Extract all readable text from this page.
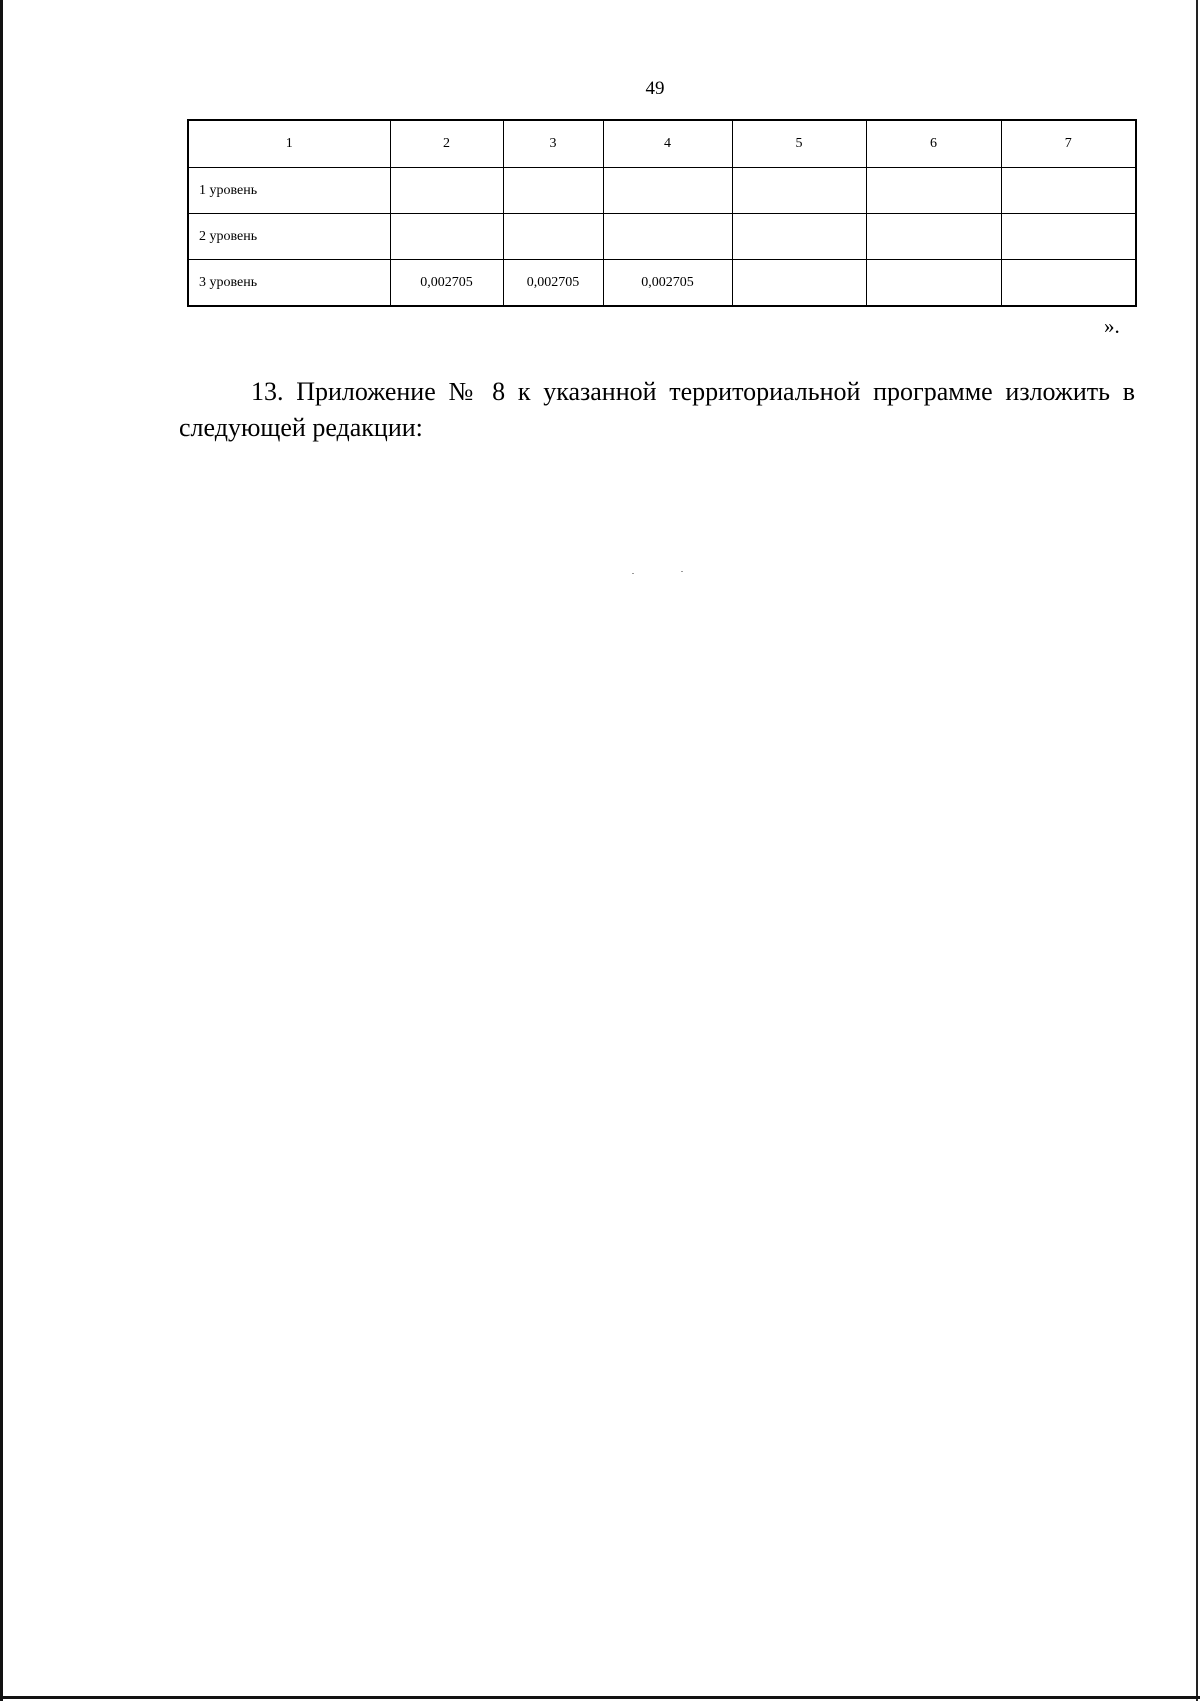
49
1	2	3	4	5	6	7
1 уровень						
2 уровень						
3 уровень	0,002705	0,002705	0,002705			
».
13. Приложение № 8 к указанной территориальной программе изложить в следующей редакции:
